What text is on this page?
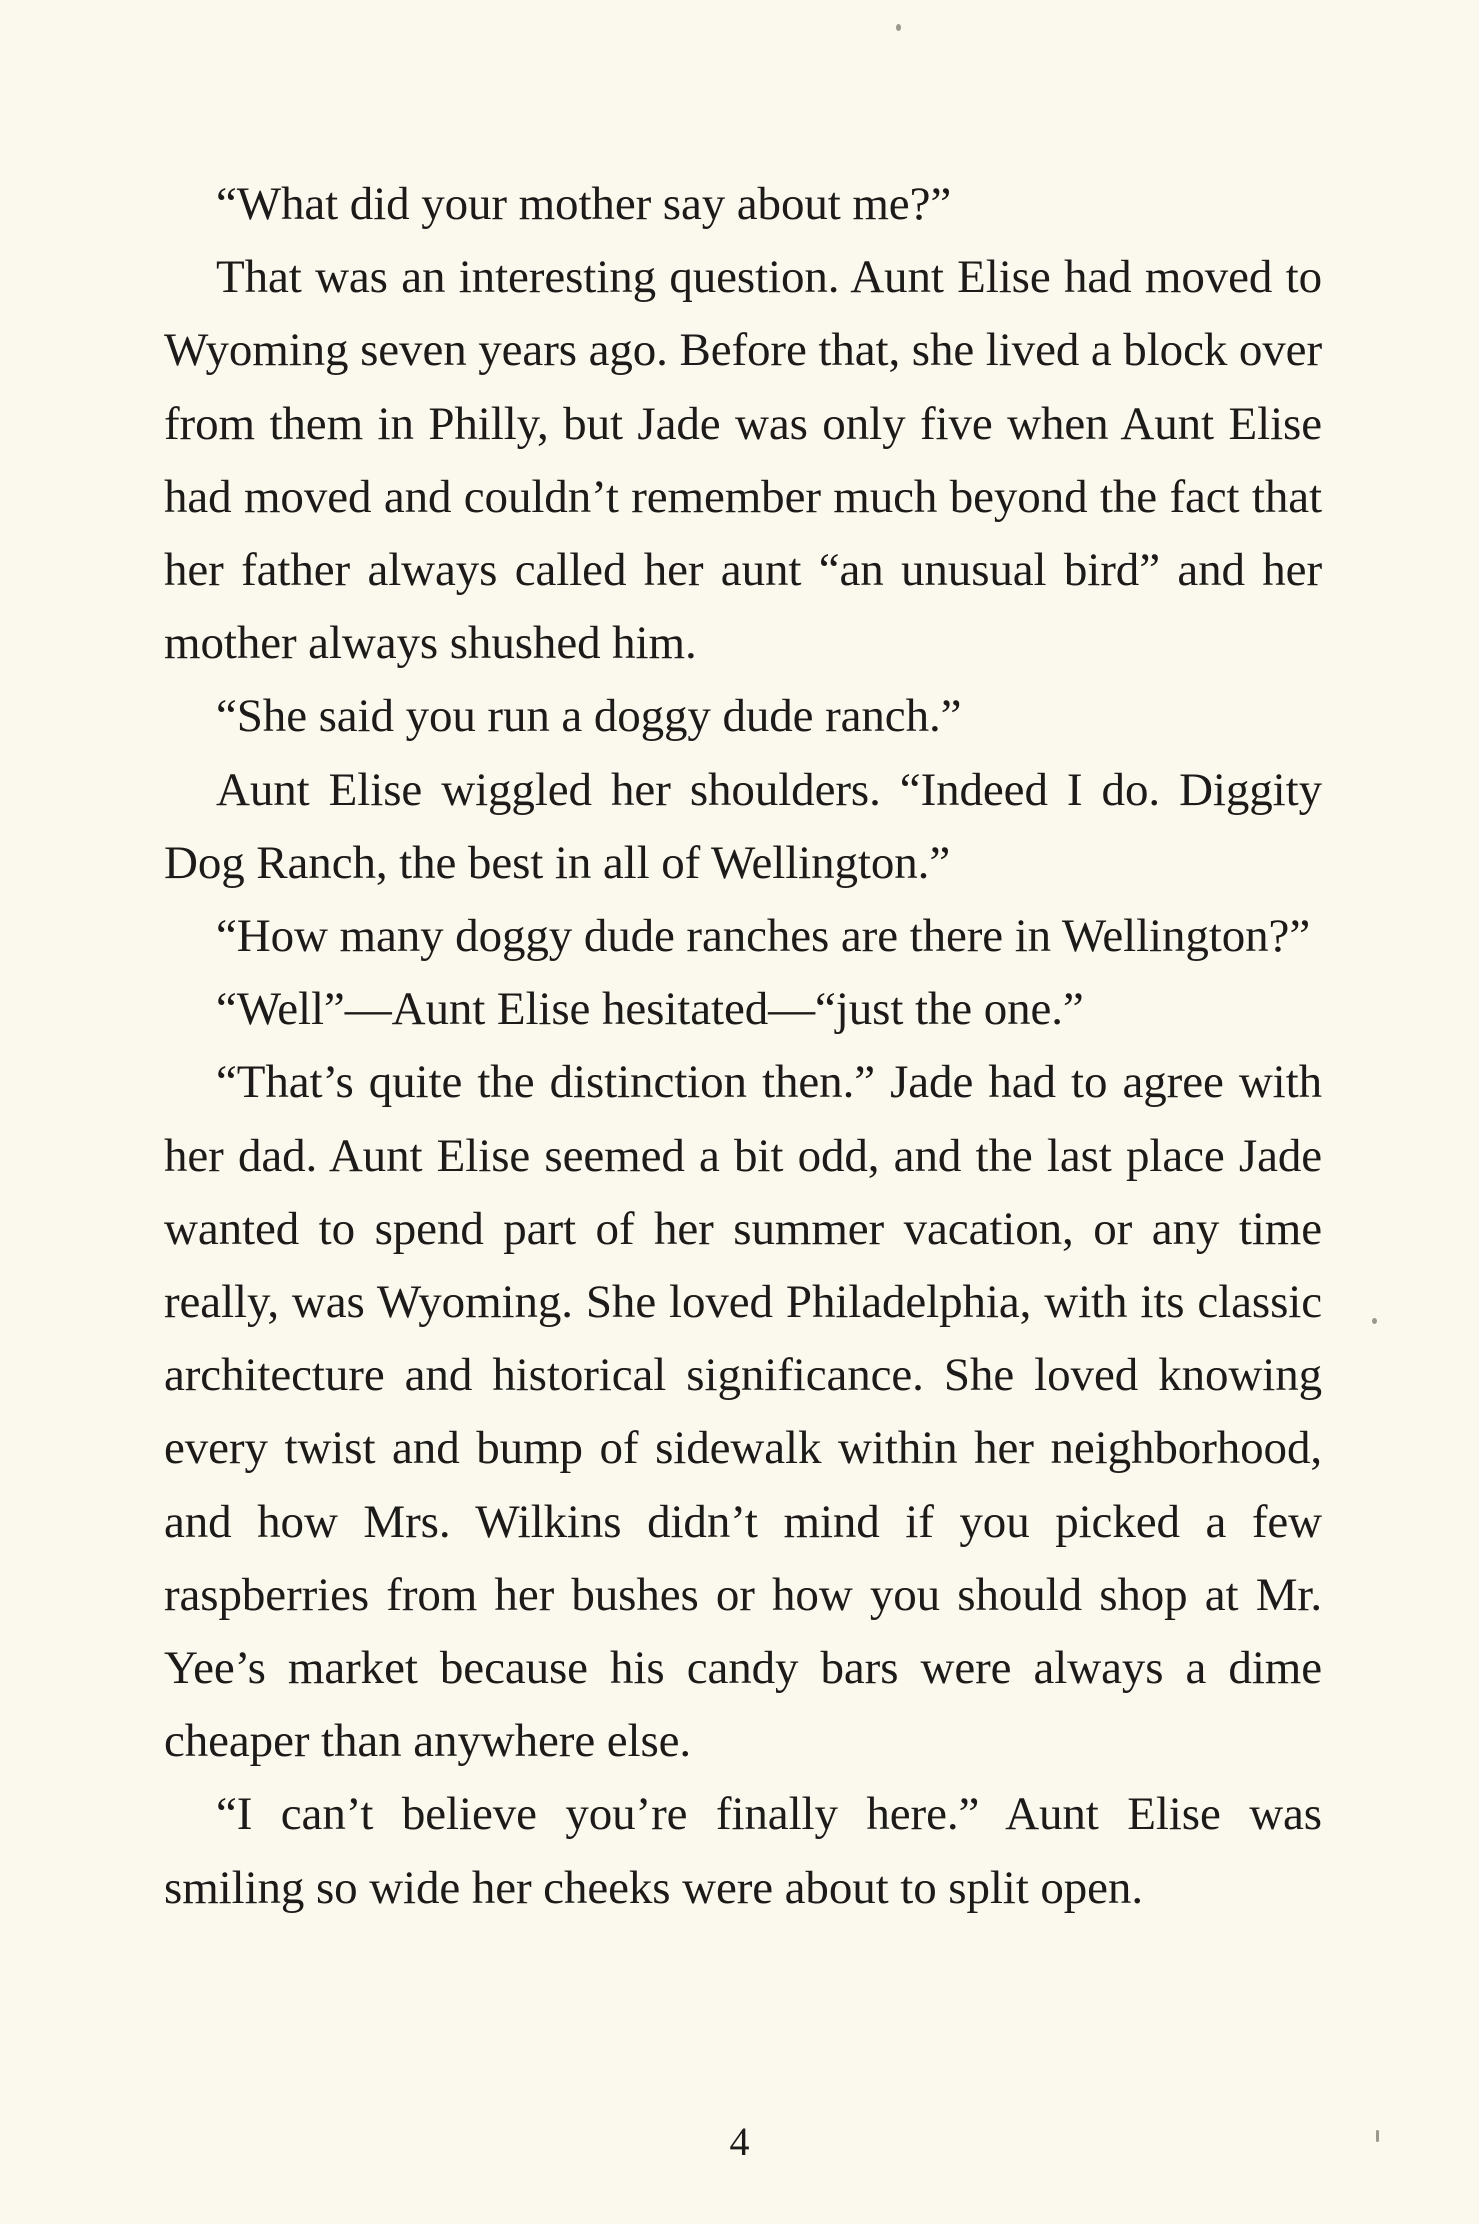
“What did your mother say about me?”

That was an interesting question. Aunt Elise had moved to Wyoming seven years ago. Before that, she lived a block over from them in Philly, but Jade was only five when Aunt Elise had moved and couldn’t remember much beyond the fact that her father always called her aunt “an unusual bird” and her mother always shushed him.

“She said you run a doggy dude ranch.”

Aunt Elise wiggled her shoulders. “Indeed I do. Diggity Dog Ranch, the best in all of Wellington.”

“How many doggy dude ranches are there in Wellington?”

“Well”—Aunt Elise hesitated—“just the one.”

“That’s quite the distinction then.” Jade had to agree with her dad. Aunt Elise seemed a bit odd, and the last place Jade wanted to spend part of her summer vacation, or any time really, was Wyoming. She loved Philadelphia, with its classic architecture and historical significance. She loved knowing every twist and bump of sidewalk within her neighborhood, and how Mrs. Wilkins didn’t mind if you picked a few raspberries from her bushes or how you should shop at Mr. Yee’s market because his candy bars were always a dime cheaper than anywhere else.

“I can’t believe you’re finally here.” Aunt Elise was smiling so wide her cheeks were about to split open.

4
